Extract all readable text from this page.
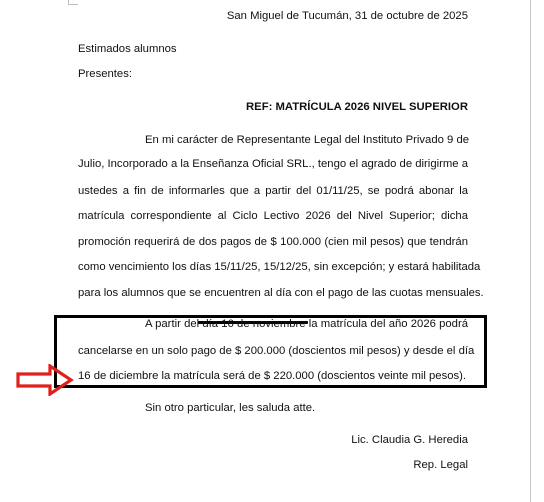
San Miguel de Tucumán, 31 de octubre de 2025
Estimados alumnos
Presentes:
REF: MATRÍCULA 2026 NIVEL SUPERIOR
En mi carácter de Representante Legal del Instituto Privado 9 de
Julio, Incorporado a la Enseñanza Oficial SRL., tengo el agrado de dirigirme a
ustedes a fin de informarles que a partir del 01/11/25, se podrá abonar la
matrícula correspondiente al Ciclo Lectivo 2026 del Nivel Superior; dicha
promoción requerirá de dos pagos de $ 100.000 (cien mil pesos) que tendrán
como vencimiento los días 15/11/25, 15/12/25, sin excepción; y estará habilitada
para los alumnos que se encuentren al día con el pago de las cuotas mensuales.
A partir del día 16 de noviembre la matrícula del año 2026 podrá
cancelarse en un solo pago de $ 200.000 (doscientos mil pesos) y desde el día
16 de diciembre la matrícula será de $ 220.000 (doscientos veinte mil pesos).
Sin otro particular, les saluda atte.
Lic. Claudia G. Heredia
Rep. Legal
